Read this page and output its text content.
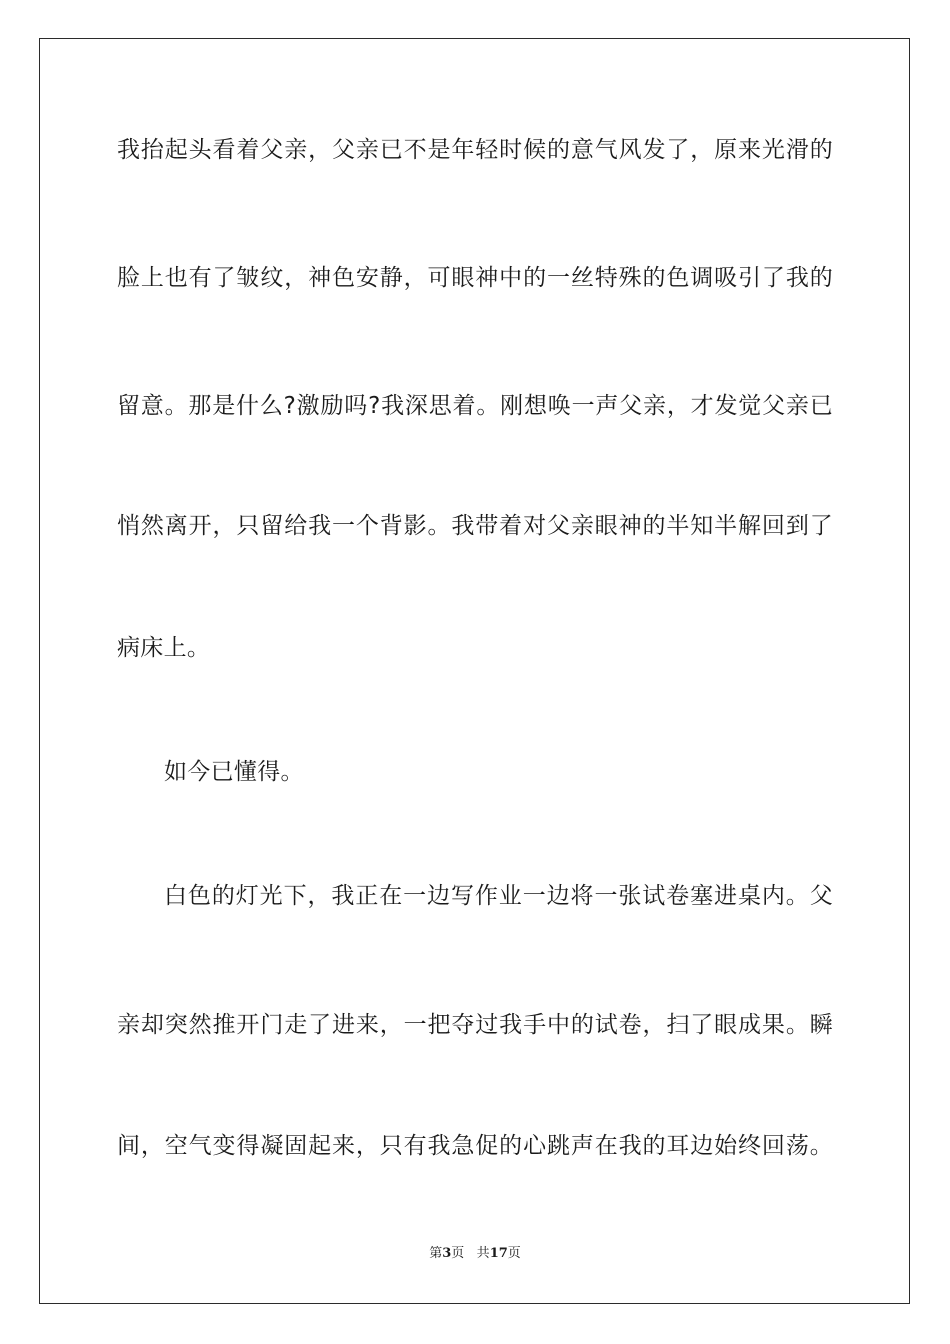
我抬起头看着父亲，父亲已不是年轻时候的意气风发了，原来光滑的
脸上也有了皱纹，神色安静，可眼神中的一丝特殊的色调吸引了我的
留意。那是什么?激励吗?我深思着。刚想唤一声父亲，才发觉父亲已
悄然离开，只留给我一个背影。我带着对父亲眼神的半知半解回到了
病床上。
如今已懂得。
白色的灯光下，我正在一边写作业一边将一张试卷塞进桌内。父
亲却突然推开门走了进来，一把夺过我手中的试卷，扫了眼成果。瞬
间，空气变得凝固起来，只有我急促的心跳声在我的耳边始终回荡。
第3页 共17页
